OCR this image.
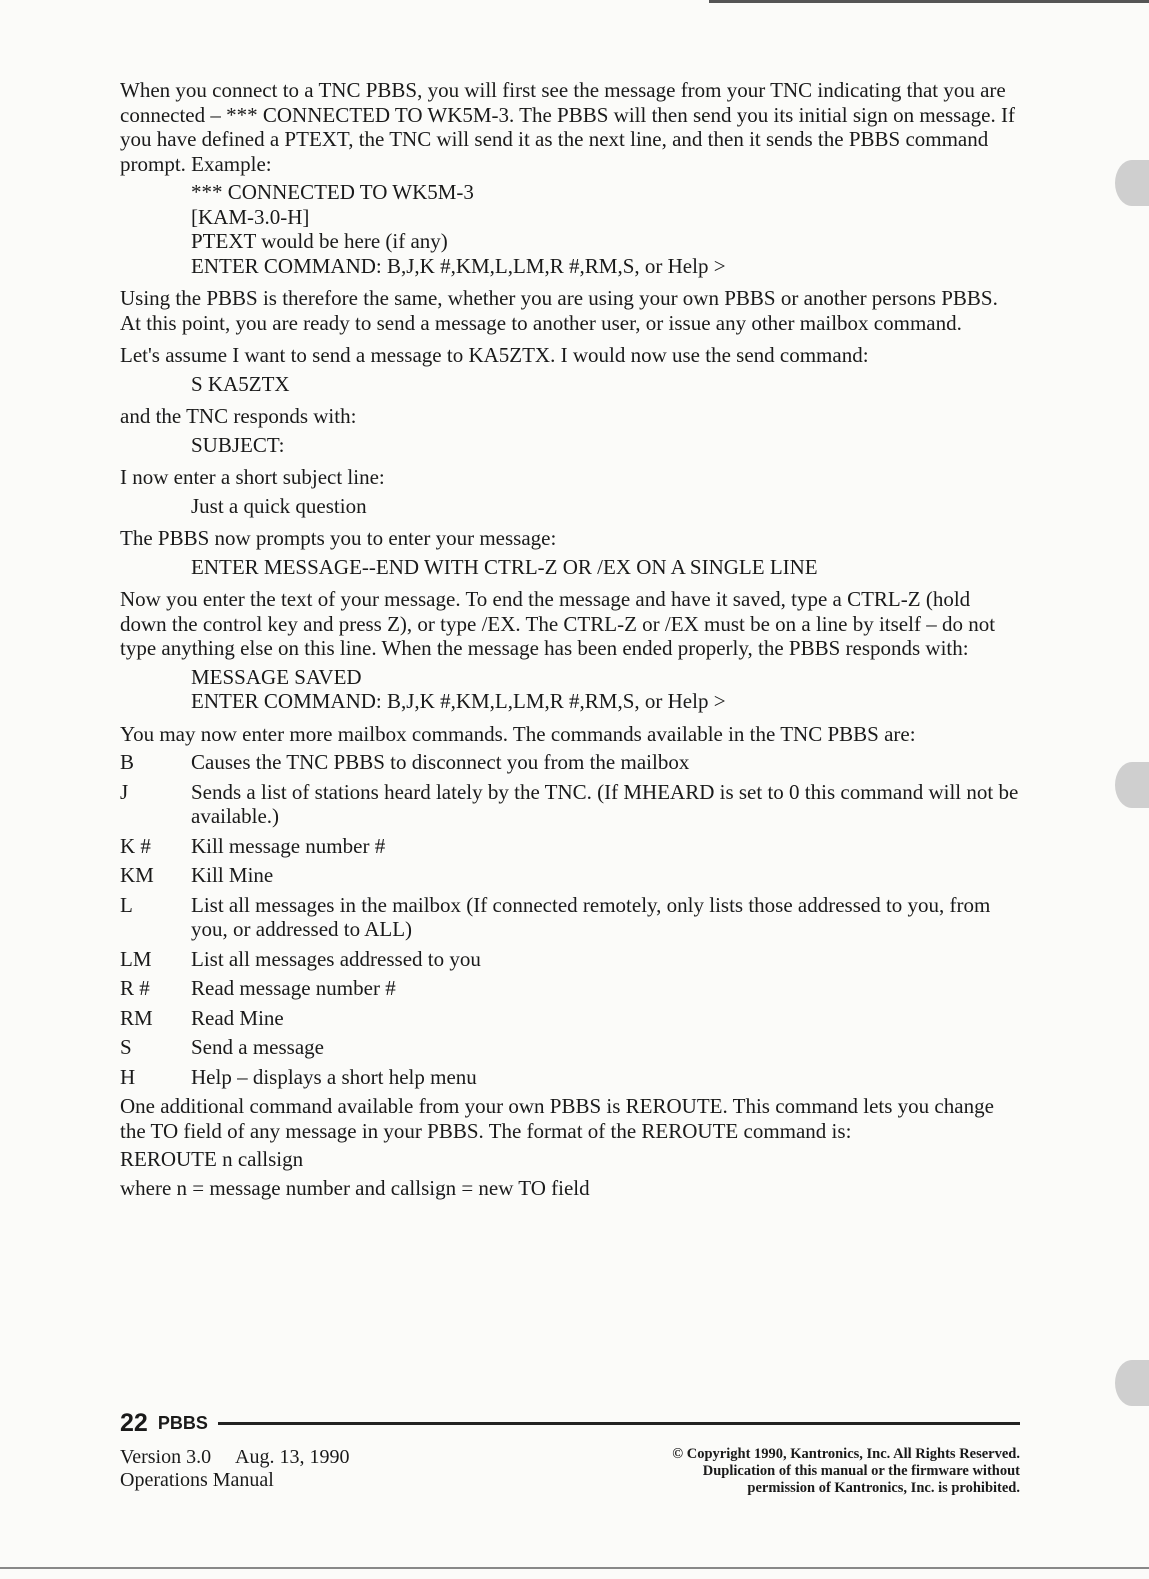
When you connect to a TNC PBBS, you will first see the message from your TNC indicating that you are connected – *** CONNECTED TO WK5M-3. The PBBS will then send you its initial sign on message. If you have defined a PTEXT, the TNC will send it as the next line, and then it sends the PBBS command prompt. Example:

*** CONNECTED TO WK5M-3
[KAM-3.0-H]
PTEXT would be here (if any)
ENTER COMMAND: B,J,K #,KM,L,LM,R #,RM,S, or Help >

Using the PBBS is therefore the same, whether you are using your own PBBS or another persons PBBS. At this point, you are ready to send a message to another user, or issue any other mailbox command.

Let's assume I want to send a message to KA5ZTX. I would now use the send command:

S KA5ZTX

and the TNC responds with:

SUBJECT:

I now enter a short subject line:

Just a quick question

The PBBS now prompts you to enter your message:

ENTER MESSAGE--END WITH CTRL-Z OR /EX ON A SINGLE LINE

Now you enter the text of your message. To end the message and have it saved, type a CTRL-Z (hold down the control key and press Z), or type /EX. The CTRL-Z or /EX must be on a line by itself – do not type anything else on this line. When the message has been ended properly, the PBBS responds with:

MESSAGE SAVED
ENTER COMMAND: B,J,K #,KM,L,LM,R #,RM,S, or Help >

You may now enter more mailbox commands. The commands available in the TNC PBBS are:

B	Causes the TNC PBBS to disconnect you from the mailbox
J	Sends a list of stations heard lately by the TNC. (If MHEARD is set to 0 this command will not be available.)
K #	Kill message number #
KM	Kill Mine
L	List all messages in the mailbox (If connected remotely, only lists those addressed to you, from you, or addressed to ALL)
LM	List all messages addressed to you
R #	Read message number #
RM	Read Mine
S	Send a message
H	Help – displays a short help menu

One additional command available from your own PBBS is REROUTE. This command lets you change the TO field of any message in your PBBS. The format of the REROUTE command is:

REROUTE n callsign

where n = message number and callsign = new TO field

22 PBBS
Version 3.0     Aug. 13, 1990
Operations Manual
© Copyright 1990, Kantronics, Inc. All Rights Reserved.
Duplication of this manual or the firmware without
permission of Kantronics, Inc. is prohibited.
